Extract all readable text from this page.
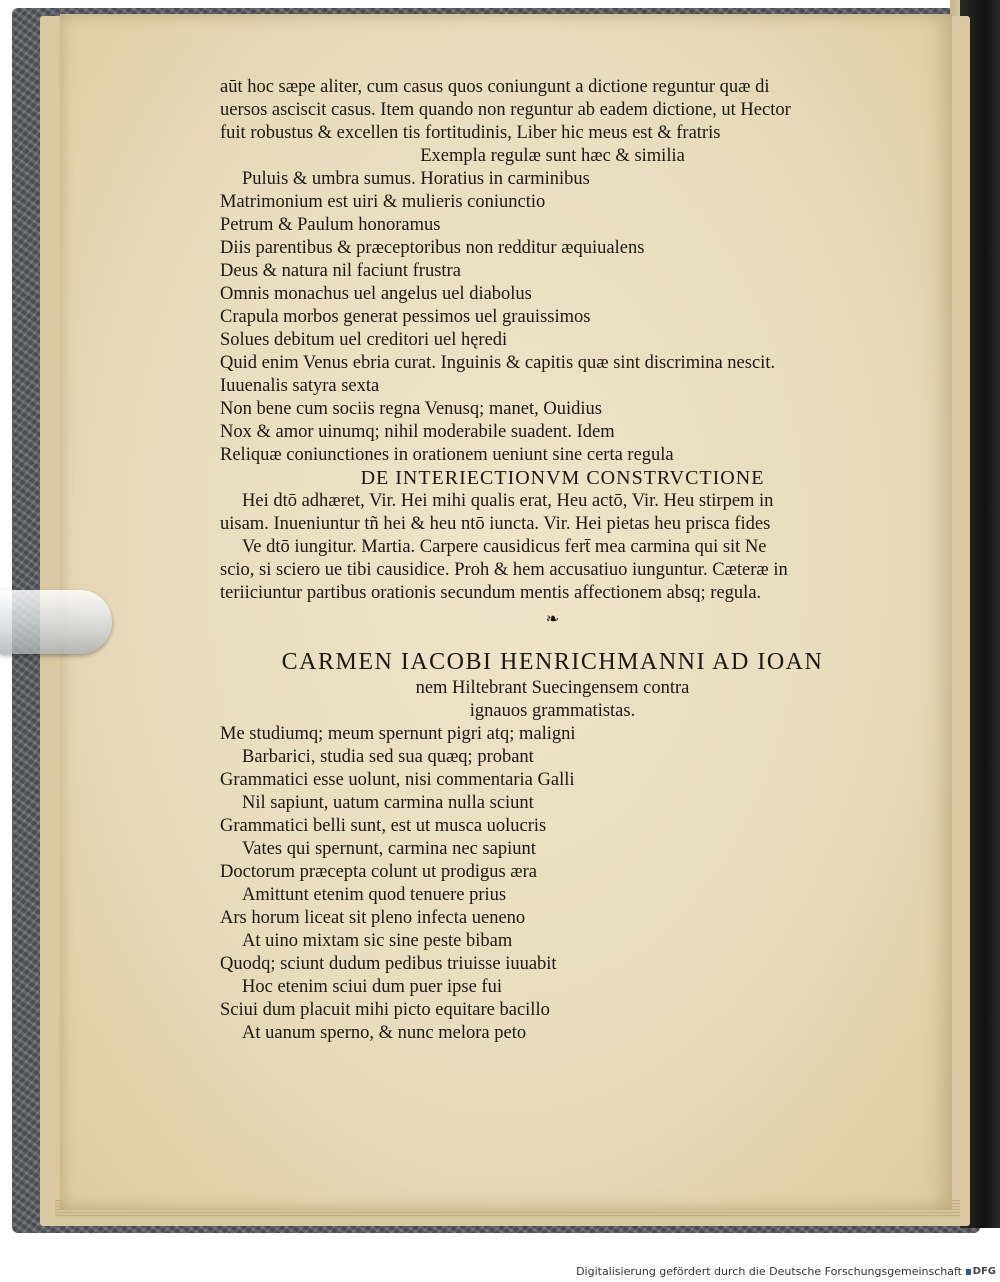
aūt hoc sæpe aliter, cum casus quos coniungunt a dictione reguntur quæ di
uersos asciscit casus. Item quando non reguntur ab eadem dictione, ut Hector
fuit robustus & excellen tis fortitudinis, Liber hic meus est & fratris
Exempla regulæ sunt hæc & similia
Puluis & umbra sumus. Horatius in carminibus
Matrimonium est uiri & mulieris coniunctio
Petrum & Paulum honoramus
Diis parentibus & præceptoribus non redditur æquiualens
Deus & natura nil faciunt frustra
Omnis monachus uel angelus uel diabolus
Crapula morbos generat pessimos uel grauissimos
Solues debitum uel creditori uel hęredi
Quid enim Venus ebria curat. Inguinis & capitis quæ sint discrimina nescit.
Iuuenalis satyra sexta
Non bene cum sociis regna Venusq; manet, Ouidius
Nox & amor uinumq; nihil moderabile suadent. Idem
Reliquæ coniunctiones in orationem ueniunt sine certa regula
DE INTERIECTIONVM CONSTRVCTIONE
Hei dtō adhæret, Vir. Hei mihi qualis erat, Heu actō, Vir. Heu stirpem in
uisam. Inueniuntur tñ hei & heu ntō iuncta. Vir. Hei pietas heu prisca fides
Ve dtō iungitur. Martia. Carpere causidicus fert̄ mea carmina qui sit Ne
scio, si sciero ue tibi causidice. Proh & hem accusatiuo iunguntur. Cæteræ in
teriiciuntur partibus orationis secundum mentis affectionem absq; regula.
❧
CARMEN IACOBI HENRICHMANNI AD IOAN
nem Hiltebrant Suecingensem contra
ignauos grammatistas.
Me studiumq; meum spernunt pigri atq; maligni
Barbarici, studia sed sua quæq; probant
Grammatici esse uolunt, nisi commentaria Galli
Nil sapiunt, uatum carmina nulla sciunt
Grammatici belli sunt, est ut musca uolucris
Vates qui spernunt, carmina nec sapiunt
Doctorum præcepta colunt ut prodigus æra
Amittunt etenim quod tenuere prius
Ars horum liceat sit pleno infecta ueneno
At uino mixtam sic sine peste bibam
Quodq; sciunt dudum pedibus triuisse iuuabit
Hoc etenim sciui dum puer ipse fui
Sciui dum placuit mihi picto equitare bacillo
At uanum sperno, & nunc melora peto
Digitalisierung gefördert durch die Deutsche Forschungsgemeinschaft DFG
